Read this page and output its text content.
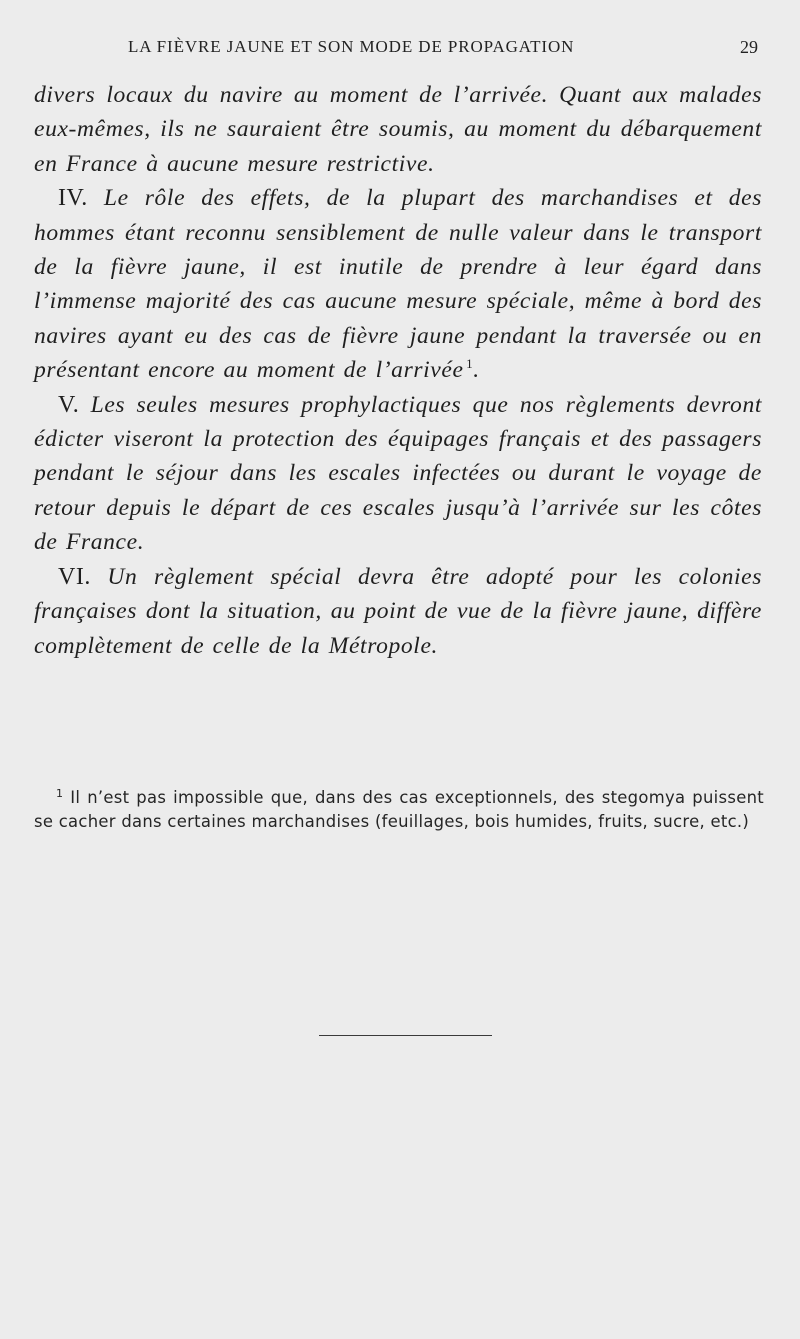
LA FIÈVRE JAUNE ET SON MODE DE PROPAGATION	29

divers locaux du navire au moment de l’arrivée. Quant aux malades eux-mêmes, ils ne sauraient être soumis, au moment du débarquement en France à aucune mesure restrictive.

IV. Le rôle des effets, de la plupart des marchandises et des hommes étant reconnu sensiblement de nulle valeur dans le transport de la fièvre jaune, il est inutile de prendre à leur égard dans l’immense majorité des cas aucune mesure spéciale, même à bord des navires ayant eu des cas de fièvre jaune pendant la traversée ou en présentant encore au moment de l’arrivée  $^1$.

V. Les seules mesures prophylactiques que nos règlements devront édicter viseront la protection des équipages français et des passagers pendant le séjour dans les escales infectées ou durant le voyage de retour depuis le départ de ces escales jusqu’à l’arrivée sur les côtes de France.

VI. Un règlement spécial devra être adopté pour les colonies françaises dont la situation, au point de vue de la fièvre jaune, diffère complètement de celle de la Métropole.

$^1$ Il n’est pas impossible que, dans des cas exceptionnels, des stegomya puissent se cacher dans certaines marchandises (feuillages, bois humides, fruits, sucre, etc.)
